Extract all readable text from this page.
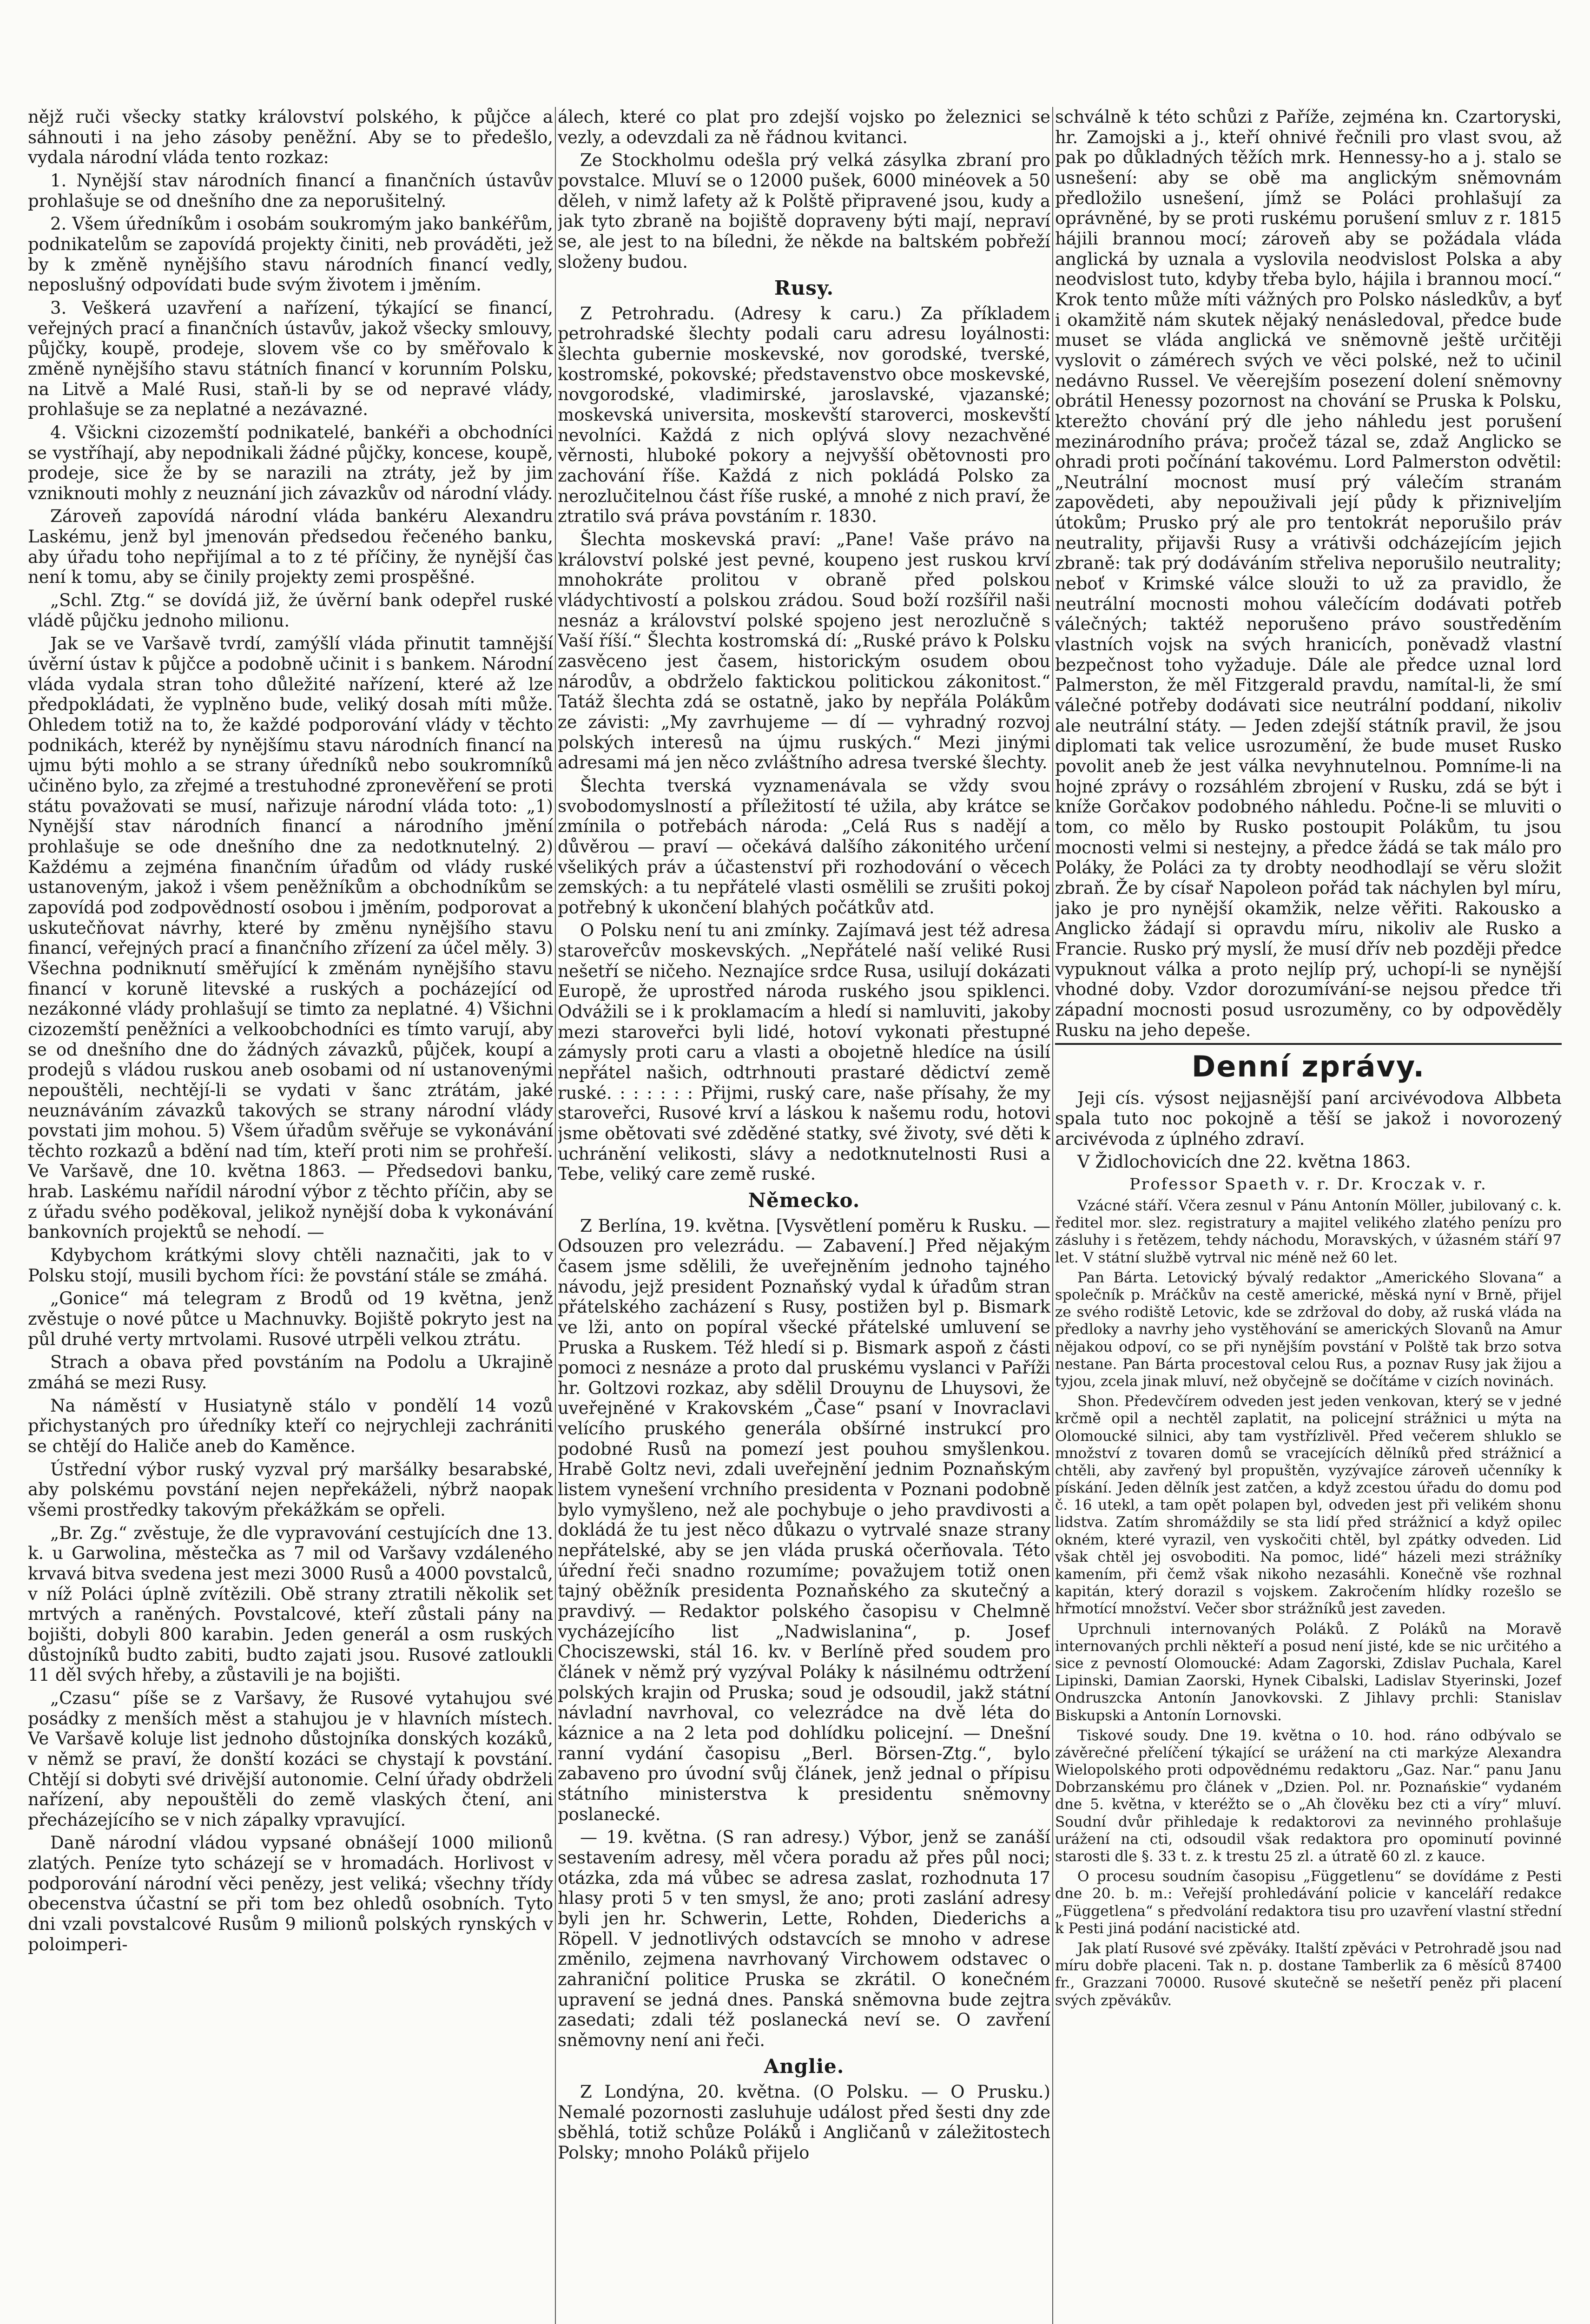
nějž ruči všecky statky království polského, k půjčce a sáhnouti i na jeho zásoby peněžní. Aby se to předešlo, vydala národní vláda tento rozkaz:

1. Nynější stav národních financí a finančních ústavův prohlašuje se od dnešního dne za neporušitelný.

2. Všem úředníkům i osobám soukromým jako bankéřům, podnikatelům se zapovídá projekty činiti, neb prováděti, jež by k změně nynějšího stavu národních financí vedly, neposlušný odpovídati bude svým životem i jměním.

3. Veškerá uzavření a nařízení, týkající se financí, veřejných prací a finančních ústavův, jakož všecky smlouvy, půjčky, koupě, prodeje, slovem vše co by směřovalo k změně nynějšího stavu státních financí v korunním Polsku, na Litvě a Malé Rusi, staň-li by se od nepravé vlády, prohlašuje se za neplatné a nezávazné.

4. Všickni cizozemští podnikatelé, bankéři a obchodníci se vystříhají, aby nepodnikali žádné půjčky, koncese, koupě, prodeje, sice že by se narazili na ztráty, jež by jim vzniknouti mohly z neuznání jich závazkův od národní vlády.

Zároveň zapovídá národní vláda bankéru Alexandru Laskému, jenž byl jmenován předsedou řečeného banku, aby úřadu toho nepřijímal a to z té příčiny, že nynější čas není k tomu, aby se činily projekty zemi prospěšné.

„Schl. Ztg.“ se dovídá již, že úvěrní bank odepřel ruské vládě půjčku jednoho milionu.

Jak se ve Varšavě tvrdí, zamýšlí vláda přinutit tamnější úvěrní ústav k půjčce a podobně učinit i s bankem. Národní vláda vydala stran toho důležité nařízení, které až lze předpokládati, že vyplněno bude, veliký dosah míti může. Ohledem totiž na to, že každé podporování vlády v těchto podnikách, kteréž by nynějšímu stavu národních financí na ujmu býti mohlo a se strany úředníků nebo soukromníků učiněno bylo, za zřejmé a trestuhodné zpronevěření se proti státu považovati se musí, nařizuje národní vláda toto: „1) Nynější stav národních financí a národního jmění prohlašuje se ode dnešního dne za nedotknutelný. 2) Každému a zejména finančním úřadům od vlády ruské ustanoveným, jakož i všem peněžníkům a obchodníkům se zapovídá pod zodpovědností osobou i jměním, podporovat a uskutečňovat návrhy, které by změnu nynějšího stavu financí, veřejných prací a finančního zřízení za účel měly. 3) Všechna podniknutí směřující k změnám nynějšího stavu financí v koruně litevské a ruských a pocházející od nezákonné vlády prohlašují se timto za neplatné. 4) Všichni cizozemští peněžníci a velkoobchodníci es tímto varují, aby se od dnešního dne do žádných závazků, půjček, koupí a prodejů s vládou ruskou aneb osobami od ní ustanovenými nepouštěli, nechtějí-li se vydati v šanc ztrátám, jaké neuznáváním závazků takových se strany národní vlády povstati jim mohou. 5) Všem úřadům svěřuje se vykonávání těchto rozkazů a bdění nad tím, kteří proti nim se prohřeší. Ve Varšavě, dne 10. května 1863. — Předsedovi banku, hrab. Laskému nařídil národní výbor z těchto příčin, aby se z úřadu svého poděkoval, jelikož nynější doba k vykonávání bankovních projektů se nehodí. —

Kdybychom krátkými slovy chtěli naznačiti, jak to v Polsku stojí, musili bychom říci: že povstání stále se zmáhá.

„Gonice“ má telegram z Brodů od 19 května, jenž zvěstuje o nové půtce u Machnuvky. Bojiště pokryto jest na půl druhé verty mrtvolami. Rusové utrpěli velkou ztrátu.

Strach a obava před povstáním na Podolu a Ukrajině zmáhá se mezi Rusy.

Na náměstí v Husiatyně stálo v pondělí 14 vozů přichystaných pro úředníky kteří co nejrychleji zachrániti se chtějí do Haliče aneb do Kaměnce.

Ústřední výbor ruský vyzval prý maršálky besarabské, aby polskému povstání nejen nepřekáželi, nýbrž naopak všemi prostředky takovým překážkám se opřeli.

„Br. Zg.“ zvěstuje, že dle vypravování cestujících dne 13. k. u Garwolina, městečka as 7 mil od Varšavy vzdáleného krvavá bitva svedena jest mezi 3000 Rusů a 4000 povstalců, v níž Poláci úplně zvítězili. Obě strany ztratili několik set mrtvých a raněných. Povstalcové, kteří zůstali pány na bojišti, dobyli 800 karabin. Jeden generál a osm ruských důstojníků budto zabiti, budto zajati jsou. Rusové zatloukli 11 děl svých hřeby, a zůstavili je na bojišti.

„Czasu“ píše se z Varšavy, že Rusové vytahujou své posádky z menších měst a stahujou je v hlavních místech. Ve Varšavě koluje list jednoho důstojníka donských kozáků, v němž se praví, že donští kozáci se chystají k povstání. Chtějí si dobyti své drivější autonomie. Celní úřady obdrželi nařízení, aby nepouštěli do země vlaských čtení, ani přecházejícího se v nich zápalky vpravující.

Daně národní vládou vypsané obnášejí 1000 milionů zlatých. Peníze tyto scházejí se v hromadách. Horlivost v podporování národní věci penězy, jest veliká; všechny třídy obecenstva účastní se při tom bez ohledů osobních. Tyto dni vzali povstalcové Rusům 9 milionů polských rynských v poloimperi-

álech, které co plat pro zdejší vojsko po železnici se vezly, a odevzdali za ně řádnou kvitanci.

Ze Stockholmu odešla prý velká zásylka zbraní pro povstalce. Mluví se o 12000 pušek, 6000 minéovek a 50 děleh, v nimž lafety až k Polště připravené jsou, kudy a jak tyto zbraně na bojiště dopraveny býti mají, nepraví se, ale jest to na bíledni, že někde na baltském pobřeží složeny budou.

Rusy.

Z Petrohradu. (Adresy k caru.) Za příkladem petrohradské šlechty podali caru adresu loyálnosti: šlechta gubernie moskevské, nov gorodské, tverské, kostromské, pokovské; představenstvo obce moskevské, novgorodské, vladimirské, jaroslavské, vjazanské; moskevská universita, moskevští staroverci, moskevští nevolníci. Každá z nich oplývá slovy nezachvěné věrnosti, hluboké pokory a nejvyšší obětovnosti pro zachování říše. Každá z nich pokládá Polsko za nerozlučitelnou část říše ruské, a mnohé z nich praví, že ztratilo svá práva povstáním r. 1830.

Šlechta moskevská praví: „Pane! Vaše právo na království polské jest pevné, koupeno jest ruskou krví mnohokráte prolitou v obraně před polskou vládychtivostí a polskou zrádou. Soud boží rozšířil naši nesnáz a království polské spojeno jest nerozlučně s Vaší říší.“ Šlechta kostromská dí: „Ruské právo k Polsku zasvěceno jest časem, historickým osudem obou národův, a obdrželo faktickou politickou zákonitost.“ Tatáž šlechta zdá se ostatně, jako by nepřála Polákům ze závisti: „My zavrhujeme — dí — vyhradný rozvoj polských interesů na újmu ruských.“ Mezi jinými adresami má jen něco zvláštního adresa tverské šlechty.

Šlechta tverská vyznamenávala se vždy svou svobodomyslností a příležitostí té užila, aby krátce se zmínila o potřebách národa: „Celá Rus s nadějí a důvěrou — praví — očekává dalšího zákonitého určení všelikých práv a účastenství při rozhodování o věcech zemských: a tu nepřátelé vlasti osmělili se zrušiti pokoj potřebný k ukončení blahých počátkův atd.

O Polsku není tu ani zmínky. Zajímavá jest též adresa staroveřcův moskevských. „Nepřátelé naší veliké Rusi nešetří se ničeho. Neznajíce srdce Rusa, usilují dokázati Europě, že uprostřed národa ruského jsou spiklenci. Odvážili se i k proklamacím a hledí si namluviti, jakoby mezi staroveřci byli lidé, hotoví vykonati přestupné zámysly proti caru a vlasti a obojetně hledíce na úsilí nepřátel našich, odtrhnouti prastaré dědictví země ruské. : : : : : : Přijmi, ruský care, naše přísahy, že my staroveřci, Rusové krví a láskou k našemu rodu, hotovi jsme obětovati své zděděné statky, své životy, své děti k uchránění velikosti, slávy a nedotknutelnosti Rusi a Tebe, veliký care země ruské.

Německo.

Z Berlína, 19. května. [Vysvětlení poměru k Rusku. — Odsouzen pro velezrádu. — Zabavení.] Před nějakým časem jsme sdělili, že uveřejněním jednoho tajného návodu, jejž president Poznaňský vydal k úřadům stran přátelského zacházení s Rusy, postižen byl p. Bismark ve lži, anto on popíral všecké přátelské umluvení se Pruska a Ruskem. Též hledí si p. Bismark aspoň z části pomoci z nesnáze a proto dal pruskému vyslanci v Paříži hr. Goltzovi rozkaz, aby sdělil Drouynu de Lhuysovi, že uveřejněné v Krakovském „Čase“ psaní v Inovraclavi velícího pruského generála obšírné instrukcí pro podobné Rusů na pomezí jest pouhou smyšlenkou. Hrabě Goltz nevi, zdali uveřejnění jednim Poznaňským listem vynešení vrchního presidenta v Poznani podobně bylo vymyšleno, než ale pochybuje o jeho pravdivosti a dokládá že tu jest něco důkazu o vytrvalé snaze strany nepřátelské, aby se jen vláda pruská očerňovala. Této úřední řeči snadno rozumíme; považujem totiž onen tajný oběžník presidenta Poznaňského za skutečný a pravdivý. — Redaktor polského časopisu v Chelmně vycházejícího list „Nadwislanina“, p. Josef Chociszewski, stál 16. kv. v Berlíně před soudem pro článek v němž prý vyzýval Poláky k násilnému odtržení polských krajin od Pruska; soud je odsoudil, jakž státní návladní navrhoval, co velezrádce na dvě léta do káznice a na 2 leta pod dohlídku policejní. — Dnešní ranní vydání časopisu „Berl. Börsen-Ztg.“, bylo zabaveno pro úvodní svůj článek, jenž jednal o přípisu státního ministerstva k presidentu sněmovny poslanecké.

— 19. května. (S ran adresy.) Výbor, jenž se zanáší sestavením adresy, měl včera poradu až přes půl noci; otázka, zda má vůbec se adresa zaslat, rozhodnuta 17 hlasy proti 5 v ten smysl, že ano; proti zaslání adresy byli jen hr. Schwerin, Lette, Rohden, Diederichs a Röpell. V jednotlivých odstavcích se mnoho v adrese změnilo, zejmena navrhovaný Virchowem odstavec o zahraniční politice Pruska se zkrátil. O konečném upravení se jedná dnes. Panská sněmovna bude zejtra zasedati; zdali též poslanecká neví se. O zavření sněmovny není ani řeči.

Anglie.

Z Londýna, 20. května. (O Polsku. — O Prusku.) Nemalé pozornosti zasluhuje událost před šesti dny zde sběhlá, totiž schůze Poláků i Angličanů v záležitostech Polsky; mnoho Poláků přijelo

schválně k této schůzi z Paříže, zejména kn. Czartoryski, hr. Zamojski a j., kteří ohnivé řečnili pro vlast svou, až pak po důkladných těžích mrk. Hennessy-ho a j. stalo se usnešení: aby se obě ma anglickým sněmovnám předložilo usnešení, jímž se Poláci prohlašují za oprávněné, by se proti ruskému porušení smluv z r. 1815 hájili brannou mocí; zároveň aby se požádala vláda anglická by uznala a vyslovila neodvislost Polska a aby neodvislost tuto, kdyby třeba bylo, hájila i brannou mocí.“ Krok tento může míti vážných pro Polsko následkův, a byť i okamžitě nám skutek nějaký nenásledoval, předce bude muset se vláda anglická ve sněmovně ještě určitěji vyslovit o zámérech svých ve věci polské, než to učinil nedávno Russel. Ve věerejším posezení dolení sněmovny obrátil Henessy pozornost na chování se Pruska k Polsku, kterežto chování prý dle jeho náhledu jest porušení mezinárodního práva; pročež tázal se, zdaž Anglicko se ohradi proti počínání takovému. Lord Palmerston odvětil: „Neutrální mocnost musí prý válečím stranám zapovědeti, aby nepouživali její půdy k přizniveljím útokům; Prusko prý ale pro tentokrát neporušilo práv neutrality, přijavši Rusy a vrátivši odcházejícím jejich zbraně: tak prý dodáváním střeliva neporušilo neutrality; neboť v Krimské válce slouži to už za pravidlo, že neutrální mocnosti mohou válečícím dodávati potřeb válečných; taktéž neporušeno právo soustředěním vlastních vojsk na svých hranicích, poněvadž vlastní bezpečnost toho vyžaduje. Dále ale předce uznal lord Palmerston, že měl Fitzgerald pravdu, namítal-li, že smí válečné potřeby dodávati sice neutrální poddaní, nikoliv ale neutrální státy. — Jeden zdejší státník pravil, že jsou diplomati tak velice usrozumění, že bude muset Rusko povolit aneb že jest válka nevyhnutelnou. Pomníme-li na hojné zprávy o rozsáhlém zbrojení v Rusku, zdá se být i kníže Gorčakov podobného náhledu. Počne-li se mluviti o tom, co mělo by Rusko postoupit Polákům, tu jsou mocnosti velmi si nestejny, a předce žádá se tak málo pro Poláky, že Poláci za ty drobty neodhodlají se věru složit zbraň. Že by císař Napoleon pořád tak náchylen byl míru, jako je pro nynější okamžik, nelze věřiti. Rakousko a Anglicko žádají si opravdu míru, nikoliv ale Rusko a Francie. Rusko prý myslí, že musí dřív neb později předce vypuknout válka a proto nejlíp prý, uchopí-li se nynější vhodné doby. Vzdor dorozumívání-se nejsou předce tři západní mocnosti posud usrozuměny, co by odpověděly Rusku na jeho depeše.

Denní zprávy.

Jeji cís. výsost nejjasnější paní arcivévodova Albbeta spala tuto noc pokojně a těší se jakož i novorozený arcivévoda z úplného zdraví.

V Židlochovicích dne 22. května 1863.

Professor Spaeth v. r. Dr. Kroczak v. r.

Vzácné stáří. Včera zesnul v Pánu Antonín Möller, jubilovaný c. k. ředitel mor. slez. registratury a majitel velikého zlatého penízu pro zásluhy i s řetězem, tehdy náchodu, Moravských, v úžasném stáří 97 let. V státní službě vytrval nic méně než 60 let.

Pan Bárta. Letovický bývalý redaktor „Amerického Slovana“ a společník p. Mráčkův na cestě americké, měská nyní v Brně, přijel ze svého rodiště Letovic, kde se zdržoval do doby, až ruská vláda na předloky a navrhy jeho vystěhování se amerických Slovanů na Amur nějakou odpoví, co se při nynějším povstání v Polště tak brzo sotva nestane. Pan Bárta procestoval celou Rus, a poznav Rusy jak žijou a tyjou, zcela jinak mluví, než obyčejně se dočítáme v cizích novinách.

Shon. Předevčírem odveden jest jeden venkovan, který se v jedné krčmě opil a nechtěl zaplatit, na policejní strážnici u mýta na Olomoucké silnici, aby tam vystřízlivěl. Před večerem shluklo se množství z tovaren domů se vracejících dělníků před strážnicí a chtěli, aby zavřený byl propuštěn, vyzývajíce zároveň učenníky k pískání. Jeden dělník jest zatčen, a když zcestou úřadu do domu pod č. 16 utekl, a tam opět polapen byl, odveden jest při velikém shonu lidstva. Zatím shromáždily se sta lidí před strážnicí a když opilec okném, které vyrazil, ven vyskočiti chtěl, byl zpátky odveden. Lid však chtěl jej osvoboditi. Na pomoc, lidé“ házeli mezi strážníky kamením, při čemž však nikoho nezasáhli. Konečně vše rozhnal kapitán, který dorazil s vojskem. Zakročením hlídky rozešlo se hřmotící množství. Večer sbor strážníků jest zaveden.

Uprchnuli internovaných Poláků. Z Poláků na Moravě internovaných prchli někteří a posud není jisté, kde se nic určitého a sice z pevností Olomoucké: Adam Zagorski, Zdislav Puchala, Karel Lipinski, Damian Zaorski, Hynek Cibalski, Ladislav Styerinski, Jozef Ondruszcka Antonín Janovkovski. Z Jihlavy prchli: Stanislav Biskupski a Antonín Lornovski.

Tiskové soudy. Dne 19. května o 10. hod. ráno odbývalo se závěrečné přelíčení týkající se urážení na cti markýze Alexandra Wielopolského proti odpovědnému redaktoru „Gaz. Nar.“ panu Janu Dobrzanskému pro článek v „Dzien. Pol. nr. Poznańskie“ vydaném dne 5. května, v kteréžto se o „Ah člověku bez cti a víry“ mluví. Soudní dvůr přihledaje k redaktorovi za nevinného prohlašuje urážení na cti, odsoudil však redaktora pro opominutí povinné starosti dle §. 33 t. z. k trestu 25 zl. a útratě 60 zl. z kauce.

O procesu soudním časopisu „Függetlenu“ se dovídáme z Pesti dne 20. b. m.: Veřejší prohledávání policie v kanceláří redakce „Függetlena“ s předvolání redaktora tisu pro uzavření vlastní střední k Pesti jiná podání nacistické atd.

Jak platí Rusové své zpěváky. Italští zpěváci v Petrohradě jsou nad míru dobře placeni. Tak n. p. dostane Tamberlik za 6 měsíců 87400 fr., Grazzani 70000. Rusové skutečně se nešetří peněz při placení svých zpěvákův.
